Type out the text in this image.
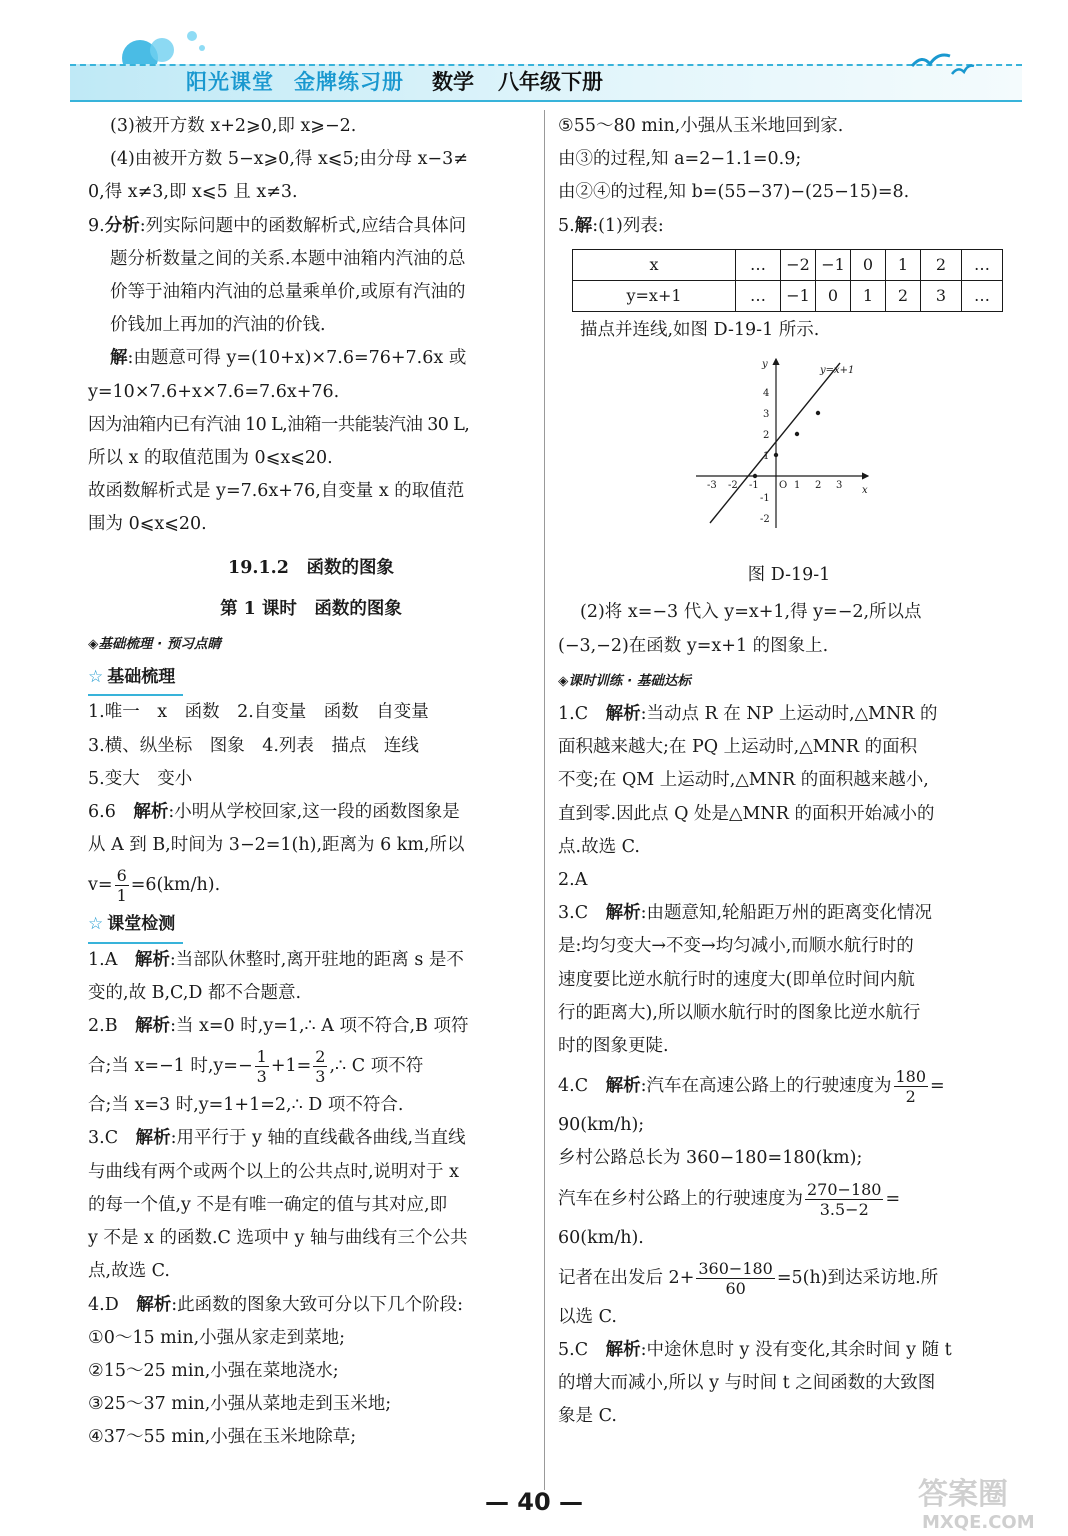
阳光课堂 金牌练习册 数学 八年级下册

(3)被开方数 x+2⩾0,即 x⩾−2.

(4)由被开方数 5−x⩾0,得 x⩽5;由分母 x−3≠

0,得 x≠3,即 x⩽5 且 x≠3.

9.分析:列实际问题中的函数解析式,应结合具体问

题分析数量之间的关系.本题中油箱内汽油的总

价等于油箱内汽油的总量乘单价,或原有汽油的

价钱加上再加的汽油的价钱.

解:由题意可得 y=(10+x)×7.6=76+7.6x 或

y=10×7.6+x×7.6=7.6x+76.

因为油箱内已有汽油 10 L,油箱一共能装汽油 30 L,

所以 x 的取值范围为 0⩽x⩽20.

故函数解析式是 y=7.6x+76,自变量 x 的取值范

围为 0⩽x⩽20.

19.1.2　函数的图象

第 1 课时　函数的图象

◈基础梳理 · 预习点睛

☆ 基础梳理

1.唯一　x　函数　2.自变量　函数　自变量

3.横、纵坐标　图象　4.列表　描点　连线

5.变大　变小

6.6　解析:小明从学校回家,这一段的函数图象是

从 A 到 B,时间为 3−2=1(h),距离为 6 km,所以

$v= \frac{6}{1} =6(km/h)$.

☆ 课堂检测

1.A　解析:当部队休整时,离开驻地的距离 s 是不

变的,故 B,C,D 都不合题意.

2.B　解析:当 x=0 时,y=1,∴ A 项不符合,B 项符

合;当 x=−1 时$,y=- \frac{1}{3} +1= \frac{2}{3}$ ,∴ C 项不符

合;当 x=3 时,y=1+1=2,∴ D 项不符合.

3.C　解析:用平行于 y 轴的直线截各曲线,当直线

与曲线有两个或两个以上的公共点时,说明对于 x

的每一个值,y 不是有唯一确定的值与其对应,即

y 不是 x 的函数.C 选项中 y 轴与曲线有三个公共

点,故选 C.

4.D　解析:此函数的图象大致可分以下几个阶段:

①0～15 min,小强从家走到菜地;

②15～25 min,小强在菜地浇水;

③25～37 min,小强从菜地走到玉米地;

④37～55 min,小强在玉米地除草;

⑤55～80 min,小强从玉米地回到家.

由③的过程,知 a=2−1.1=0.9;

由②④的过程,知 b=(55−37)−(25−15)=8.

5.解:(1)列表:

x	…	−2	−1	0	1	2	…
y=x+1	…	−1	0	1	2	3	…

描点并连线,如图 D-19-1 所示.

y
x
y=x+1
O
-3 -2 -1	1 2 3
4
3
2
1
-1
-2

图 D-19-1

(2)将 x=−3 代入 y=x+1,得 y=−2,所以点

(−3,−2)在函数 y=x+1 的图象上.

◈课时训练 · 基础达标

1.C　解析:当动点 R 在 NP 上运动时,△MNR 的

面积越来越大;在 PQ 上运动时,△MNR 的面积

不变;在 QM 上运动时,△MNR 的面积越来越小,

直到零.因此点 Q 处是△MNR 的面积开始减小的

点.故选 C.

2.A

3.C　解析:由题意知,轮船距万州的距离变化情况

是:均匀变大→不变→均匀减小,而顺水航行时的

速度要比逆水航行时的速度大(即单位时间内航

行的距离大),所以顺水航行时的图象比逆水航行

时的图象更陡.

4.C　解析:汽车在高速公路上的行驶速度为 $\frac{180}{2}$ =

90(km/h);

乡村公路总长为 360−180=180(km);

汽车在乡村公路上的行驶速度为 $\frac{270-180}{3.5-2}$ =

60(km/h).

记者在出发后 $2+ \frac{360-180}{60} =5(h)$到达采访地.所

以选 C.

5.C　解析:中途休息时 y 没有变化,其余时间 y 随 t

的增大而减小,所以 y 与时间 t 之间函数的大致图

象是 C.

— 40 —	答案圈
MXQE.COM
